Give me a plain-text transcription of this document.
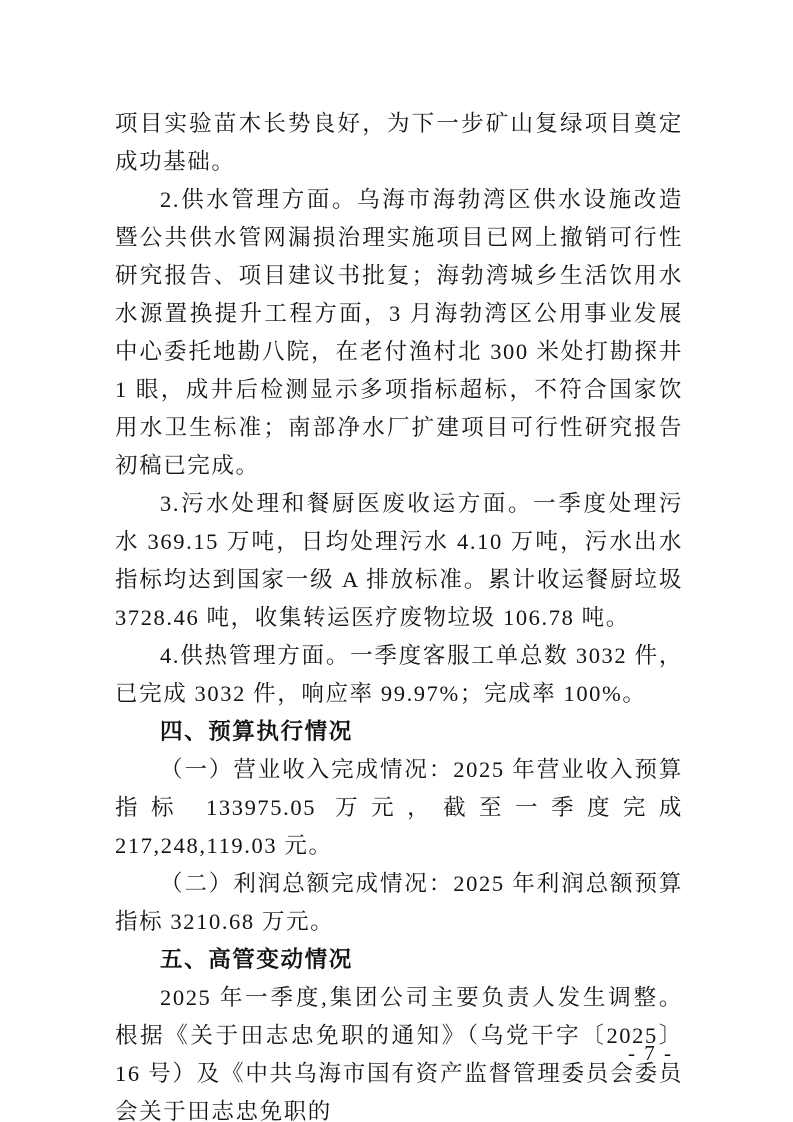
项目实验苗木长势良好，为下一步矿山复绿项目奠定成功基础。

2.供水管理方面。乌海市海勃湾区供水设施改造暨公共供水管网漏损治理实施项目已网上撤销可行性研究报告、项目建议书批复；海勃湾城乡生活饮用水水源置换提升工程方面，3 月海勃湾区公用事业发展中心委托地勘八院，在老付渔村北 300 米处打勘探井 1 眼，成井后检测显示多项指标超标，不符合国家饮用水卫生标准；南部净水厂扩建项目可行性研究报告初稿已完成。

3.污水处理和餐厨医废收运方面。一季度处理污水 369.15 万吨，日均处理污水 4.10 万吨，污水出水指标均达到国家一级 A 排放标准。累计收运餐厨垃圾 3728.46 吨，收集转运医疗废物垃圾 106.78 吨。

4.供热管理方面。一季度客服工单总数 3032 件，已完成 3032 件，响应率 99.97%；完成率 100%。

四、预算执行情况

（一）营业收入完成情况：2025 年营业收入预算指标 133975.05 万元，截至一季度完成 217,248,119.03 元。

（二）利润总额完成情况：2025 年利润总额预算指标 3210.68 万元。

五、高管变动情况

2025 年一季度,集团公司主要负责人发生调整。根据《关于田志忠免职的通知》（乌党干字〔2025〕16 号）及《中共乌海市国有资产监督管理委员会委员会关于田志忠免职的

- 7 -
